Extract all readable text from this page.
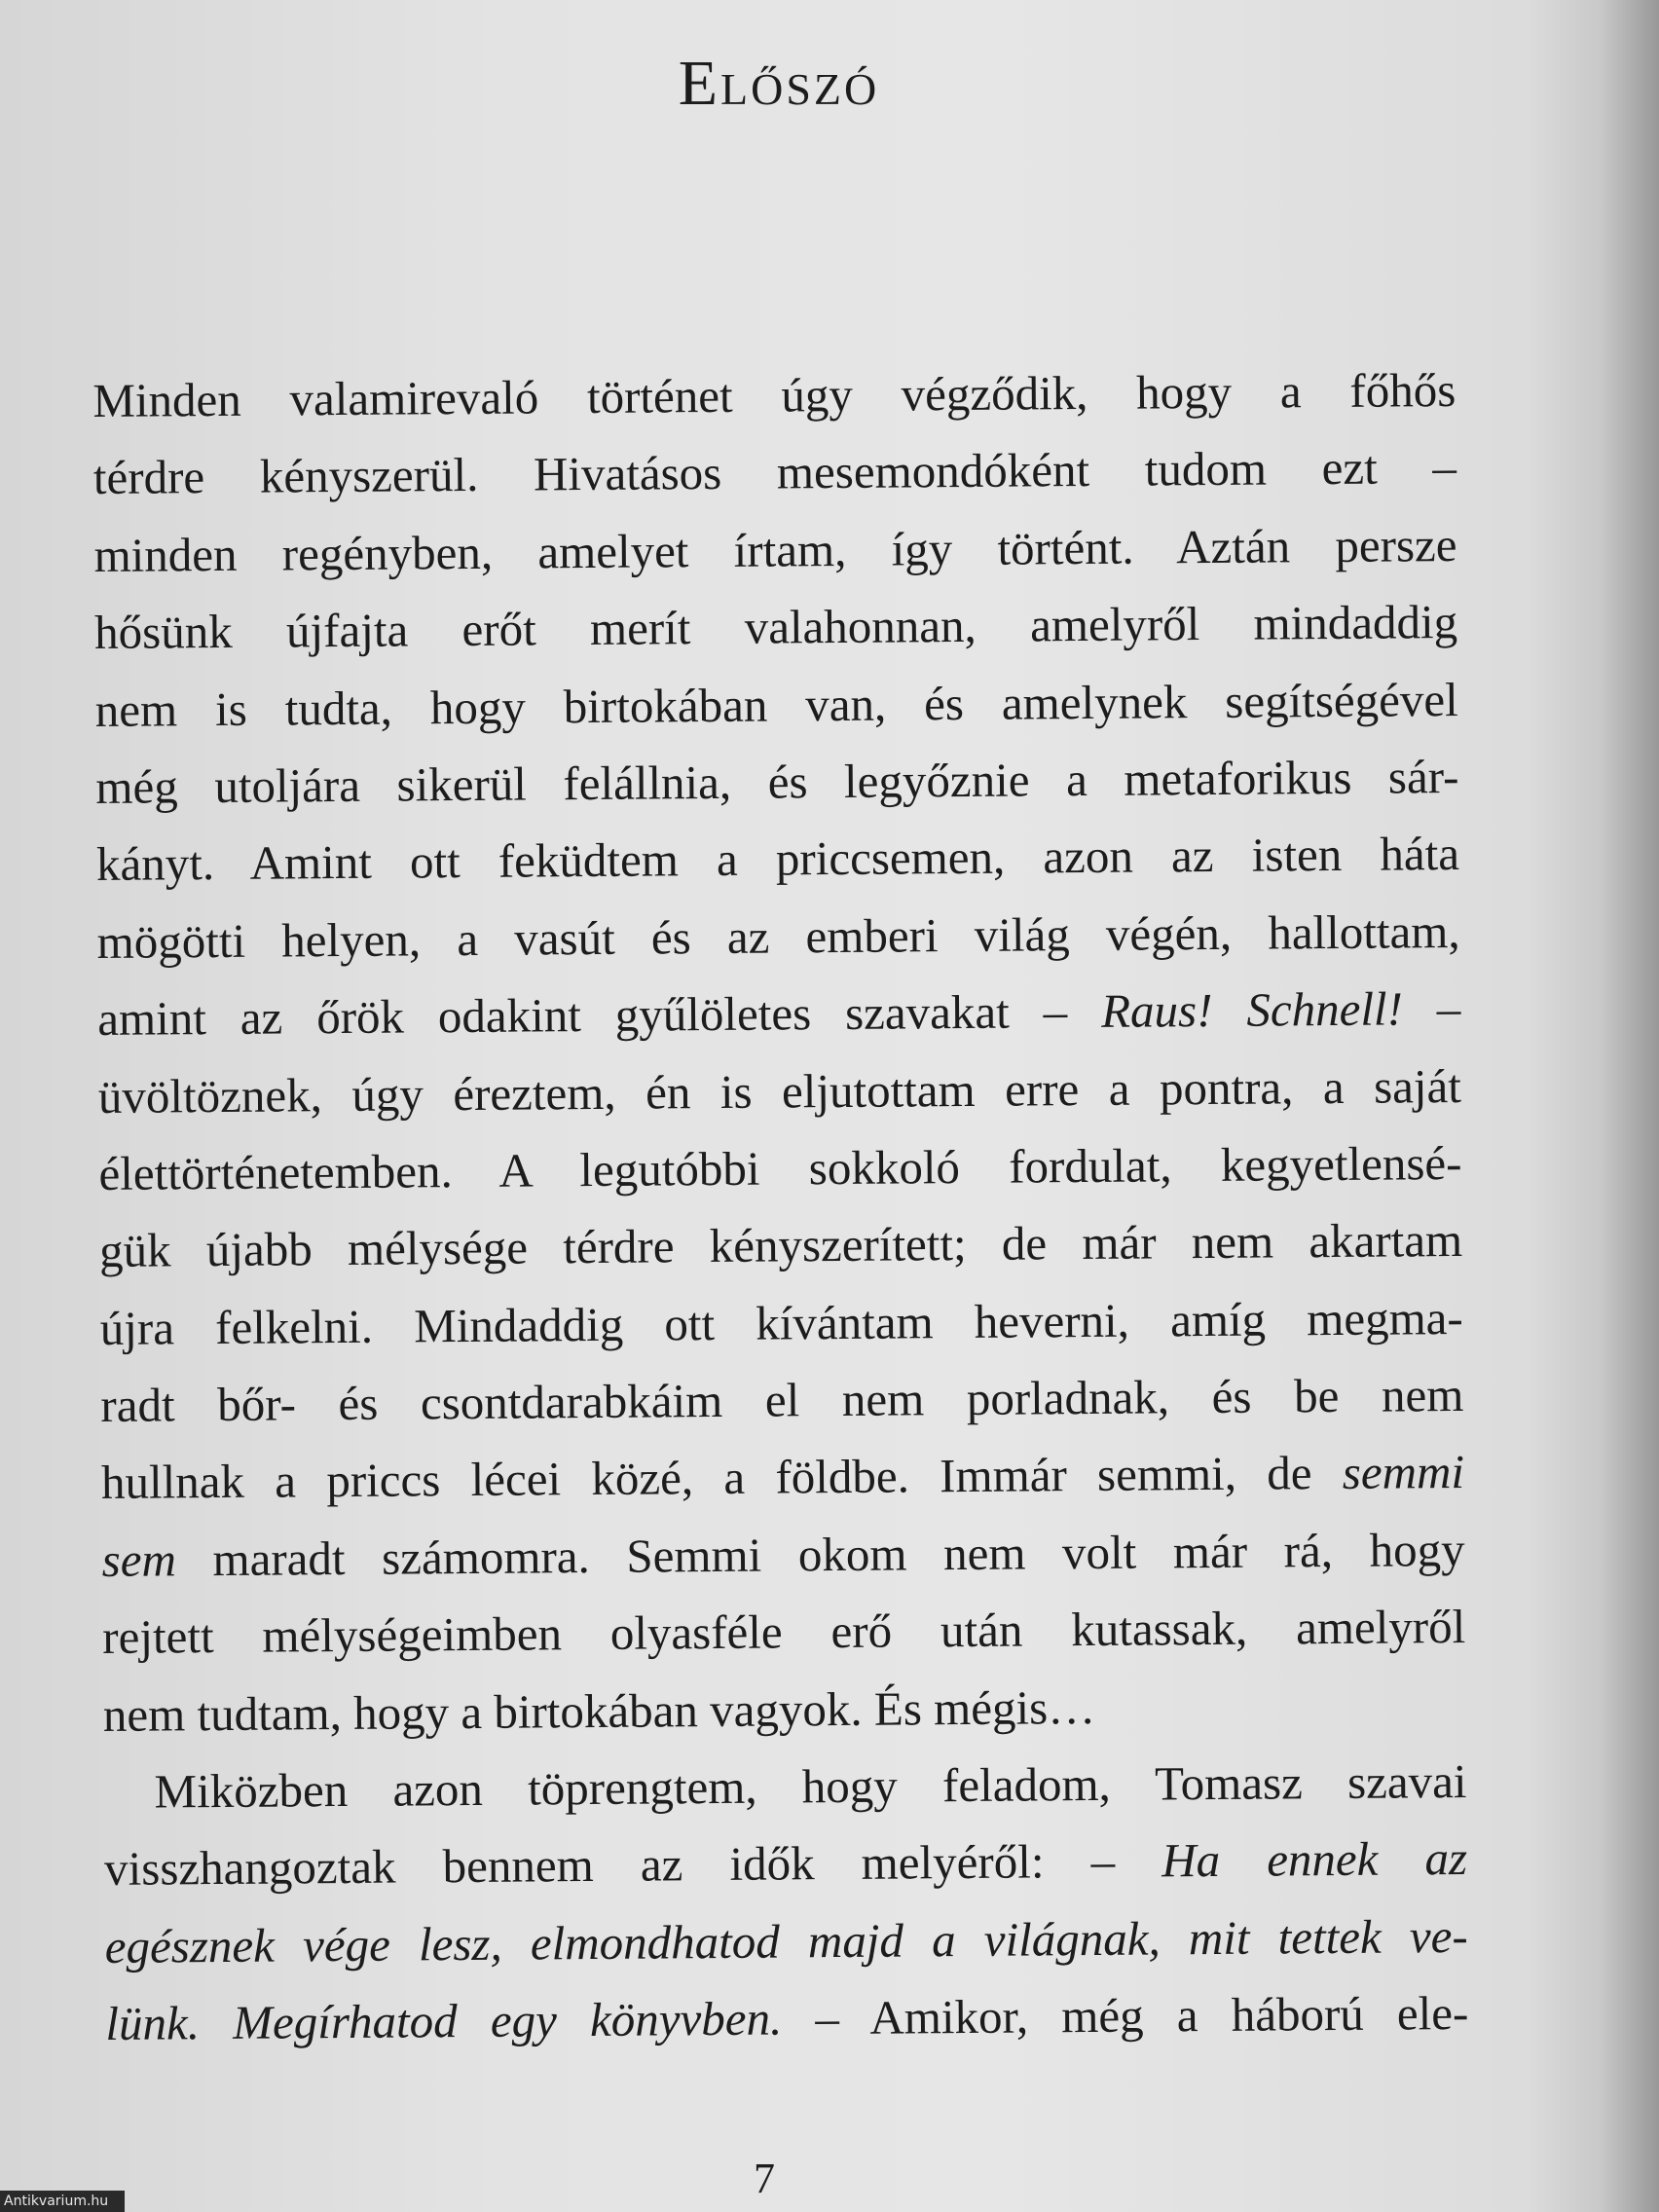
Előszó
Minden valamirevaló történet úgy végződik, hogy a főhős
térdre kényszerül. Hivatásos mesemondóként tudom ezt –
minden regényben, amelyet írtam, így történt. Aztán persze
hősünk újfajta erőt merít valahonnan, amelyről mindaddig
nem is tudta, hogy birtokában van, és amelynek segítségével
még utoljára sikerül felállnia, és legyőznie a metaforikus sár-
kányt. Amint ott feküdtem a priccsemen, azon az isten háta
mögötti helyen, a vasút és az emberi világ végén, hallottam,
amint az őrök odakint gyűlöletes szavakat – Raus! Schnell! –
üvöltöznek, úgy éreztem, én is eljutottam erre a pontra, a saját
élettörténetemben. A legutóbbi sokkoló fordulat, kegyetlensé-
gük újabb mélysége térdre kényszerített; de már nem akartam
újra felkelni. Mindaddig ott kívántam heverni, amíg megma-
radt bőr- és csontdarabkáim el nem porladnak, és be nem
hullnak a priccs lécei közé, a földbe. Immár semmi, de semmi
sem maradt számomra. Semmi okom nem volt már rá, hogy
rejtett mélységeimben olyasféle erő után kutassak, amelyről
nem tudtam, hogy a birtokában vagyok. És mégis…
Miközben azon töprengtem, hogy feladom, Tomasz szavai
visszhangoztak bennem az idők melyéről: – Ha ennek az
egésznek vége lesz, elmondhatod majd a világnak, mit tettek ve-
lünk. Megírhatod egy könyvben. – Amikor, még a háború ele-
7
Antikvarium.hu
